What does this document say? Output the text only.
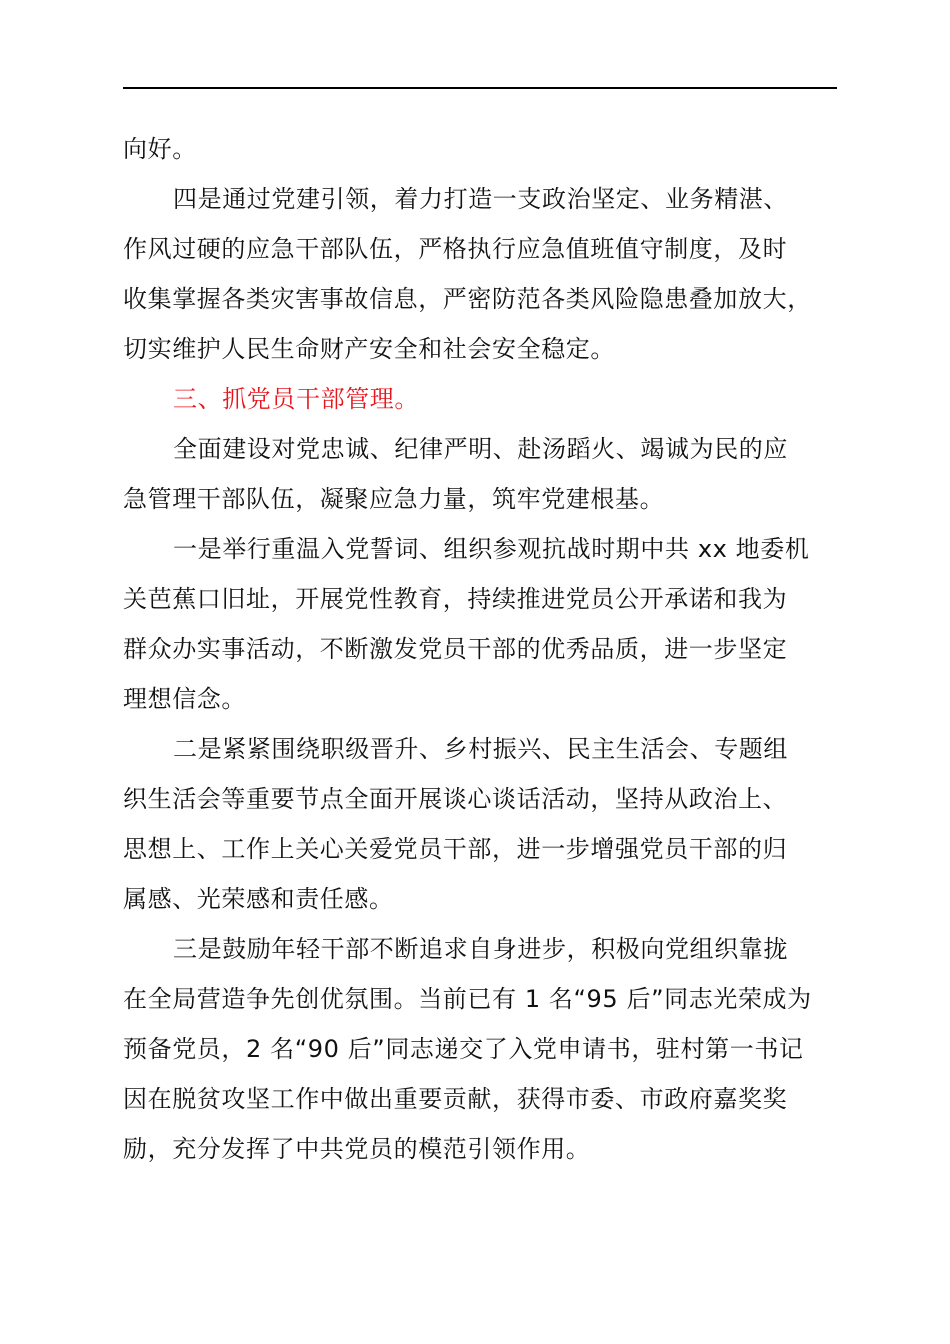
向好。
四是通过党建引领，着力打造一支政治坚定、业务精湛、
作风过硬的应急干部队伍，严格执行应急值班值守制度，及时
收集掌握各类灾害事故信息，严密防范各类风险隐患叠加放大，
切实维护人民生命财产安全和社会安全稳定。
三、抓党员干部管理。
全面建设对党忠诚、纪律严明、赴汤蹈火、竭诚为民的应
急管理干部队伍，凝聚应急力量，筑牢党建根基。
一是举行重温入党誓词、组织参观抗战时期中共 xx 地委机
关芭蕉口旧址，开展党性教育，持续推进党员公开承诺和我为
群众办实事活动，不断激发党员干部的优秀品质，进一步坚定
理想信念。
二是紧紧围绕职级晋升、乡村振兴、民主生活会、专题组
织生活会等重要节点全面开展谈心谈话活动，坚持从政治上、
思想上、工作上关心关爱党员干部，进一步增强党员干部的归
属感、光荣感和责任感。
三是鼓励年轻干部不断追求自身进步，积极向党组织靠拢
在全局营造争先创优氛围。当前已有 1 名“95 后”同志光荣成为
预备党员，2 名“90 后”同志递交了入党申请书，驻村第一书记
因在脱贫攻坚工作中做出重要贡献，获得市委、市政府嘉奖奖
励，充分发挥了中共党员的模范引领作用。
